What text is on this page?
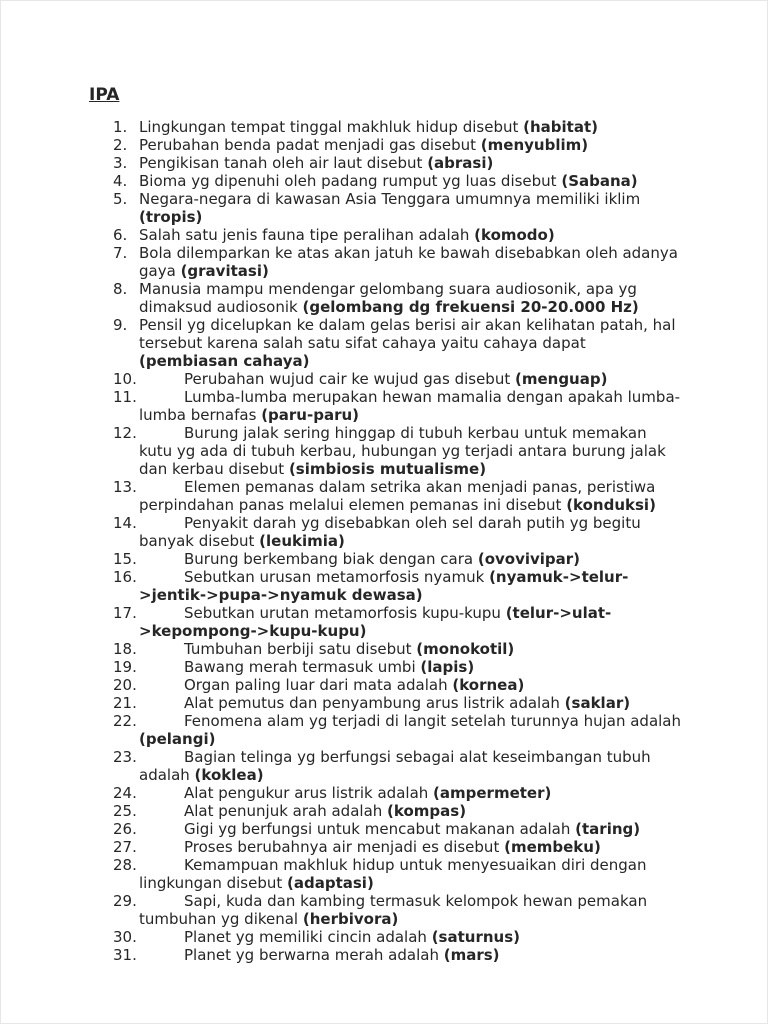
IPA
1. Lingkungan tempat tinggal makhluk hidup disebut (habitat)
2. Perubahan benda padat menjadi gas disebut (menyublim)
3. Pengikisan tanah oleh air laut disebut (abrasi)
4. Bioma yg dipenuhi oleh padang rumput yg luas disebut (Sabana)
5. Negara-negara di kawasan Asia Tenggara umumnya memiliki iklim (tropis)
6. Salah satu jenis fauna tipe peralihan adalah (komodo)
7. Bola dilemparkan ke atas akan jatuh ke bawah disebabkan oleh adanya gaya (gravitasi)
8. Manusia mampu mendengar gelombang suara audiosonik, apa yg dimaksud audiosonik (gelombang dg frekuensi 20-20.000 Hz)
9. Pensil yg dicelupkan ke dalam gelas berisi air akan kelihatan patah, hal tersebut karena salah satu sifat cahaya yaitu cahaya dapat (pembiasan cahaya)
10.	Perubahan wujud cair ke wujud gas disebut (menguap)
11.	Lumba-lumba merupakan hewan mamalia dengan apakah lumba-lumba bernafas (paru-paru)
12.	Burung jalak sering hinggap di tubuh kerbau untuk memakan kutu yg ada di tubuh kerbau, hubungan yg terjadi antara burung jalak dan kerbau disebut (simbiosis mutualisme)
13.	Elemen pemanas dalam setrika akan menjadi panas, peristiwa perpindahan panas melalui elemen pemanas ini disebut (konduksi)
14.	Penyakit darah yg disebabkan oleh sel darah putih yg begitu banyak disebut (leukimia)
15.	Burung berkembang biak dengan cara (ovovivipar)
16.	Sebutkan urusan metamorfosis nyamuk (nyamuk->telur->jentik->pupa->nyamuk dewasa)
17.	Sebutkan urutan metamorfosis kupu-kupu (telur->ulat->kepompong->kupu-kupu)
18.	Tumbuhan berbiji satu disebut (monokotil)
19.	Bawang merah termasuk umbi (lapis)
20.	Organ paling luar dari mata adalah (kornea)
21.	Alat pemutus dan penyambung arus listrik adalah (saklar)
22.	Fenomena alam yg terjadi di langit setelah turunnya hujan adalah (pelangi)
23.	Bagian telinga yg berfungsi sebagai alat keseimbangan tubuh adalah (koklea)
24.	Alat pengukur arus listrik adalah (ampermeter)
25.	Alat penunjuk arah adalah (kompas)
26.	Gigi yg berfungsi untuk mencabut makanan adalah (taring)
27.	Proses berubahnya air menjadi es disebut (membeku)
28.	Kemampuan makhluk hidup untuk menyesuaikan diri dengan lingkungan disebut (adaptasi)
29.	Sapi, kuda dan kambing termasuk kelompok hewan pemakan tumbuhan yg dikenal (herbivora)
30.	Planet yg memiliki cincin adalah (saturnus)
31.	Planet yg berwarna merah adalah (mars)
